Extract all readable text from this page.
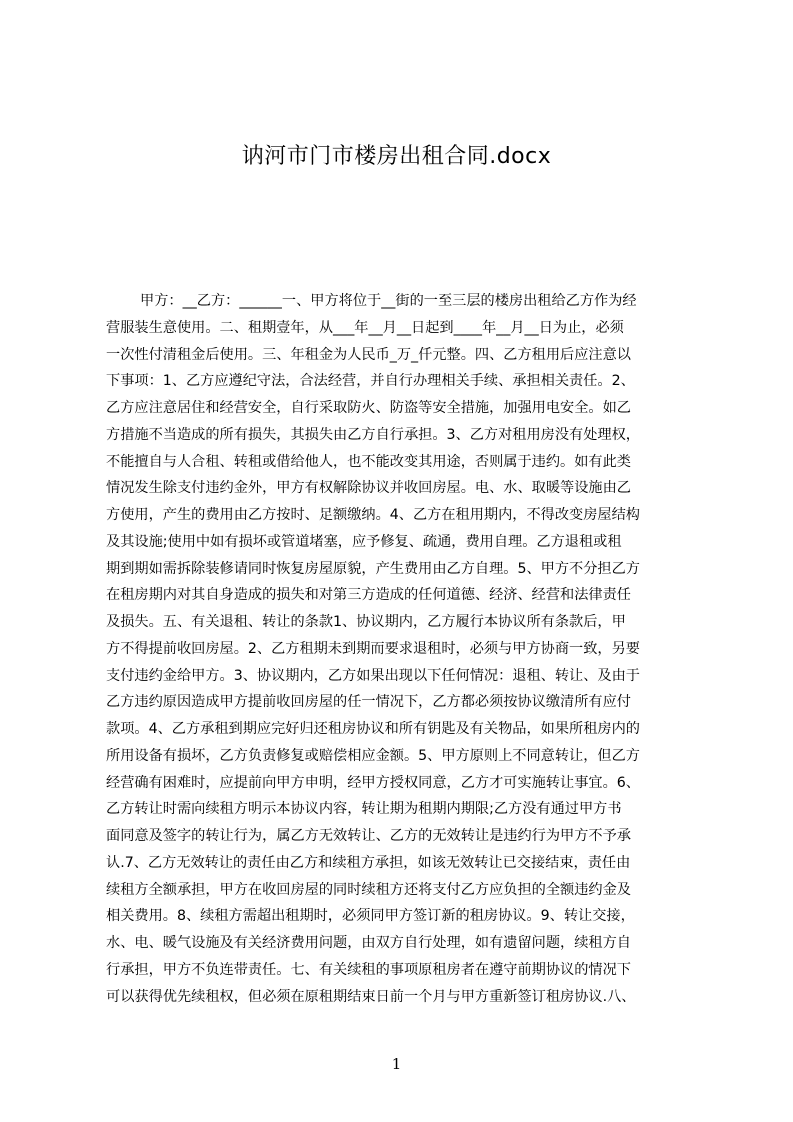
讷河市门市楼房出租合同.docx
甲方：__乙方：______一、甲方将位于__街的一至三层的楼房出租给乙方作为经
营服装生意使用。二、租期壹年，从___年__月__日起到____年__月__日为止，必须
一次性付清租金后使用。三、年租金为人民币_万_仟元整。四、乙方租用后应注意以
下事项：1、乙方应遵纪守法，合法经营，并自行办理相关手续、承担相关责任。2、
乙方应注意居住和经营安全，自行采取防火、防盗等安全措施，加强用电安全。如乙
方措施不当造成的所有损失，其损失由乙方自行承担。3、乙方对租用房没有处理权，
不能擅自与人合租、转租或借给他人，也不能改变其用途，否则属于违约。如有此类
情况发生除支付违约金外，甲方有权解除协议并收回房屋。电、水、取暖等设施由乙
方使用，产生的费用由乙方按时、足额缴纳。4、乙方在租用期内，不得改变房屋结构
及其设施;使用中如有损坏或管道堵塞，应予修复、疏通，费用自理。乙方退租或租
期到期如需拆除装修请同时恢复房屋原貌，产生费用由乙方自理。5、甲方不分担乙方
在租房期内对其自身造成的损失和对第三方造成的任何道德、经济、经营和法律责任
及损失。五、有关退租、转让的条款1、协议期内，乙方履行本协议所有条款后，甲
方不得提前收回房屋。2、乙方租期未到期而要求退租时，必须与甲方协商一致，另要
支付违约金给甲方。3、协议期内，乙方如果出现以下任何情况：退租、转让、及由于
乙方违约原因造成甲方提前收回房屋的任一情况下，乙方都必须按协议缴清所有应付
款项。4、乙方承租到期应完好归还租房协议和所有钥匙及有关物品，如果所租房内的
所用设备有损坏，乙方负责修复或赔偿相应金额。5、甲方原则上不同意转让，但乙方
经营确有困难时，应提前向甲方申明，经甲方授权同意，乙方才可实施转让事宜。6、
乙方转让时需向续租方明示本协议内容，转让期为租期内期限;乙方没有通过甲方书
面同意及签字的转让行为，属乙方无效转让、乙方的无效转让是违约行为甲方不予承
认.7、乙方无效转让的责任由乙方和续租方承担，如该无效转让已交接结束，责任由
续租方全额承担，甲方在收回房屋的同时续租方还将支付乙方应负担的全额违约金及
相关费用。8、续租方需超出租期时，必须同甲方签订新的租房协议。9、转让交接，
水、电、暖气设施及有关经济费用问题，由双方自行处理，如有遗留问题，续租方自
行承担，甲方不负连带责任。七、有关续租的事项原租房者在遵守前期协议的情况下
可以获得优先续租权，但必须在原租期结束日前一个月与甲方重新签订租房协议.八、
1
